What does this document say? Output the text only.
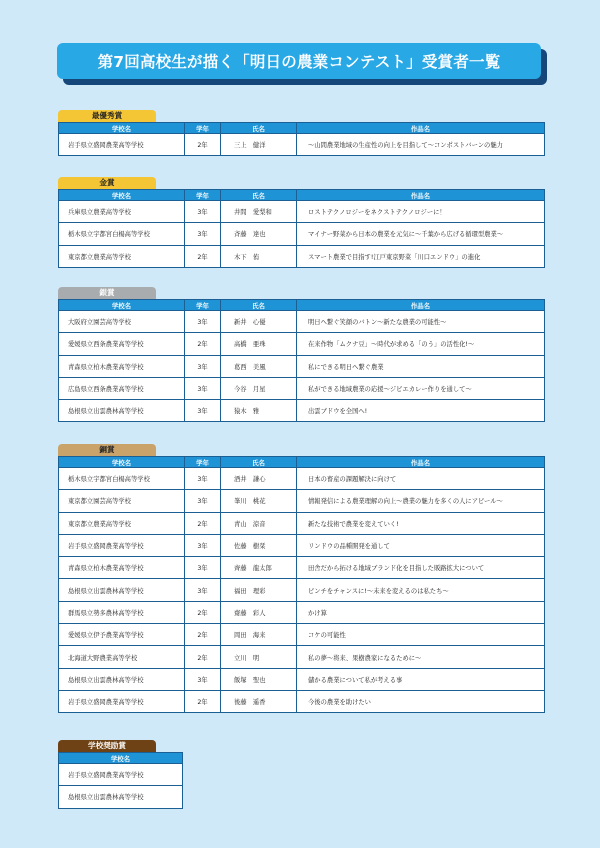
第7回高校生が描く「明日の農業コンテスト」受賞者一覧
最優秀賞
学校名	学年	氏名	作品名
岩手県立盛岡農業高等学校	2年	三上　健洋	～山間農業地域の生産性の向上を目指して～コンポストバーンの魅力
金賞
学校名	学年	氏名	作品名
兵庫県立農業高等学校	3年	井間　愛梨和	ロストテクノロジーをネクストテクノロジーに！
栃木県立宇都宮白楊高等学校	3年	斉藤　達也	マイナー野菜から日本の農業を元気に～千葉から広げる循環型農業～
東京都立農業高等学校	2年	木下　侑	スマート農業で目指す!江戸東京野菜「川口エンドウ」の進化
銀賞
学校名	学年	氏名	作品名
大阪府立園芸高等学校	3年	新井　心優	明日へ繋ぐ笑顔のバトン～新たな農業の可能性～
愛媛県立西条農業高等学校	2年	高橋　亜珠	在来作物「ムクナ豆」～時代が求める「のう」の活性化!～
青森県立柏木農業高等学校	3年	葛西　美風	私にできる明日へ繋ぐ農業
広島県立西条農業高等学校	3年	今谷　月星	私ができる地域農業の応援～ジビエカレー作りを通して～
島根県立出雲農林高等学校	3年	猿木　雅	出雲ブドウを全国へ!
銅賞
学校名	学年	氏名	作品名
栃木県立宇都宮白楊高等学校	3年	酒井　謙心	日本の畜産の課題解決に向けて
東京都立園芸高等学校	3年	峯川　桃花	情報発信による農業理解の向上～農業の魅力を多くの人にアピール～
東京都立農業高等学校	2年	青山　涼音	新たな技術で農業を変えていく!
岩手県立盛岡農業高等学校	3年	佐藤　樹栞	リンドウの品種開発を通して
青森県立柏木農業高等学校	3年	齊藤　龍太郎	田舎だから拓ける地域ブランド化を目指した販路拡大について
島根県立出雲農林高等学校	3年	福田　理彩	ピンチをチャンスに!～未来を変えるのは私たち～
群馬県立勢多農林高等学校	2年	齋藤　彩人	かけ算
愛媛県立伊予農業高等学校	2年	岡田　海来	コケの可能性
北海道大野農業高等学校	2年	立川　明	私の夢～将来、果樹農家になるために～
島根県立出雲農林高等学校	3年	飯塚　聖也	儲かる農業について私が考える事
岩手県立盛岡農業高等学校	2年	後藤　遥香	今後の農業を助けたい
学校奨励賞
学校名
岩手県立盛岡農業高等学校
島根県立出雲農林高等学校
